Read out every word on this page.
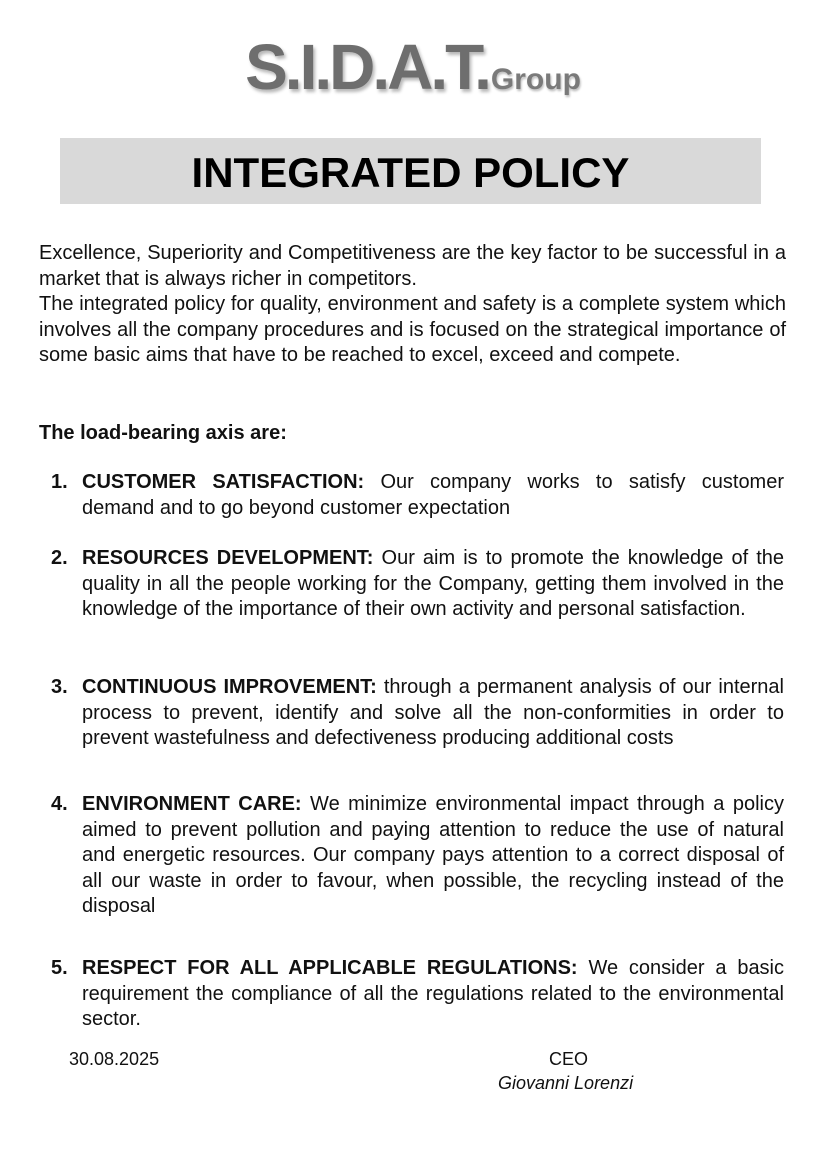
S.I.D.A.T.Group
INTEGRATED POLICY

Excellence, Superiority and Competitiveness are the key factor to be successful in a market that is always richer in competitors.

The integrated policy for quality, environment and safety is a complete system which involves all the company procedures and is focused on the strategical importance of some basic aims that have to be reached to excel, exceed and compete.

The load-bearing axis are:
1. CUSTOMER SATISFACTION: Our company works to satisfy customer demand and to go beyond customer expectation
2. RESOURCES DEVELOPMENT: Our aim is to promote the knowledge of the quality in all the people working for the Company, getting them involved in the knowledge of the importance of their own activity and personal satisfaction.
3. CONTINUOUS IMPROVEMENT: through a permanent analysis of our internal process to prevent, identify and solve all the non-conformities in order to prevent wastefulness and defectiveness producing additional costs
4. ENVIRONMENT CARE: We minimize environmental impact through a policy aimed to prevent pollution and paying attention to reduce the use of natural and energetic resources. Our company pays attention to a correct disposal of all our waste in order to favour, when possible, the recycling instead of the disposal
5. RESPECT FOR ALL APPLICABLE REGULATIONS: We consider a basic requirement the compliance of all the regulations related to the environmental sector.
30.08.2025	CEO
Giovanni Lorenzi
